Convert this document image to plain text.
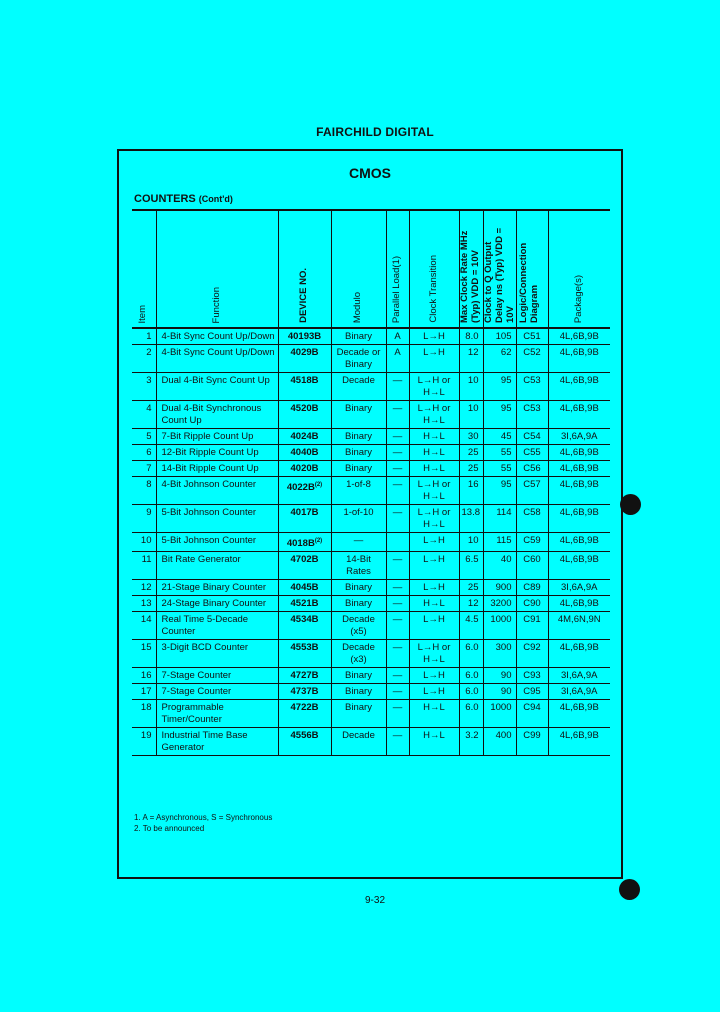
FAIRCHILD DIGITAL
CMOS
COUNTERS (Cont'd)
Item	Function	DEVICE NO.	Modulo	Parallel Load(1)	Clock Transition	Max Clock Rate MHz (Typ) VDD = 10V	Clock to Q Output Delay ns (Typ) VDD = 10V	Logic/Connection Diagram	Package(s)

1	4-Bit Sync Count Up/Down	40193B	Binary	A	L→H	8.0	105	C51	4L,6B,9B
2	4-Bit Sync Count Up/Down	4029B	Decade or Binary	A	L→H	12	62	C52	4L,6B,9B
3	Dual 4-Bit Sync Count Up	4518B	Decade	—	L→H or H→L	10	95	C53	4L,6B,9B
4	Dual 4-Bit Synchronous Count Up	4520B	Binary	—	L→H or H→L	10	95	C53	4L,6B,9B
5	7-Bit Ripple Count Up	4024B	Binary	—	H→L	30	45	C54	3I,6A,9A
6	12-Bit Ripple Count Up	4040B	Binary	—	H→L	25	55	C55	4L,6B,9B
7	14-Bit Ripple Count Up	4020B	Binary	—	H→L	25	55	C56	4L,6B,9B
8	4-Bit Johnson Counter	$4022B^{(2)}$	1-of-8	—	L→H or H→L	16	95	C57	4L,6B,9B
9	5-Bit Johnson Counter	4017B	1-of-10	—	L→H or H→L	13.8	114	C58	4L,6B,9B
10	5-Bit Johnson Counter	$4018B^{(2)}$	—		L→H	10	115	C59	4L,6B,9B
11	Bit Rate Generator	4702B	14-Bit Rates	—	L→H	6.5	40	C60	4L,6B,9B
12	21-Stage Binary Counter	4045B	Binary	—	L→H	25	900	C89	3I,6A,9A
13	24-Stage Binary Counter	4521B	Binary	—	H→L	12	3200	C90	4L,6B,9B
14	Real Time 5-Decade Counter	4534B	Decade (x5)	—	L→H	4.5	1000	C91	4M,6N,9N
15	3-Digit BCD Counter	4553B	Decade (x3)	—	L→H or H→L	6.0	300	C92	4L,6B,9B
16	7-Stage Counter	4727B	Binary	—	L→H	6.0	90	C93	3I,6A,9A
17	7-Stage Counter	4737B	Binary	—	L→H	6.0	90	C95	3I,6A,9A
18	Programmable Timer/Counter	4722B	Binary	—	H→L	6.0	1000	C94	4L,6B,9B
19	Industrial Time Base Generator	4556B	Decade	—	H→L	3.2	400	C99	4L,6B,9B
1. A = Asynchronous, S = Synchronous
2. To be announced
9-32
